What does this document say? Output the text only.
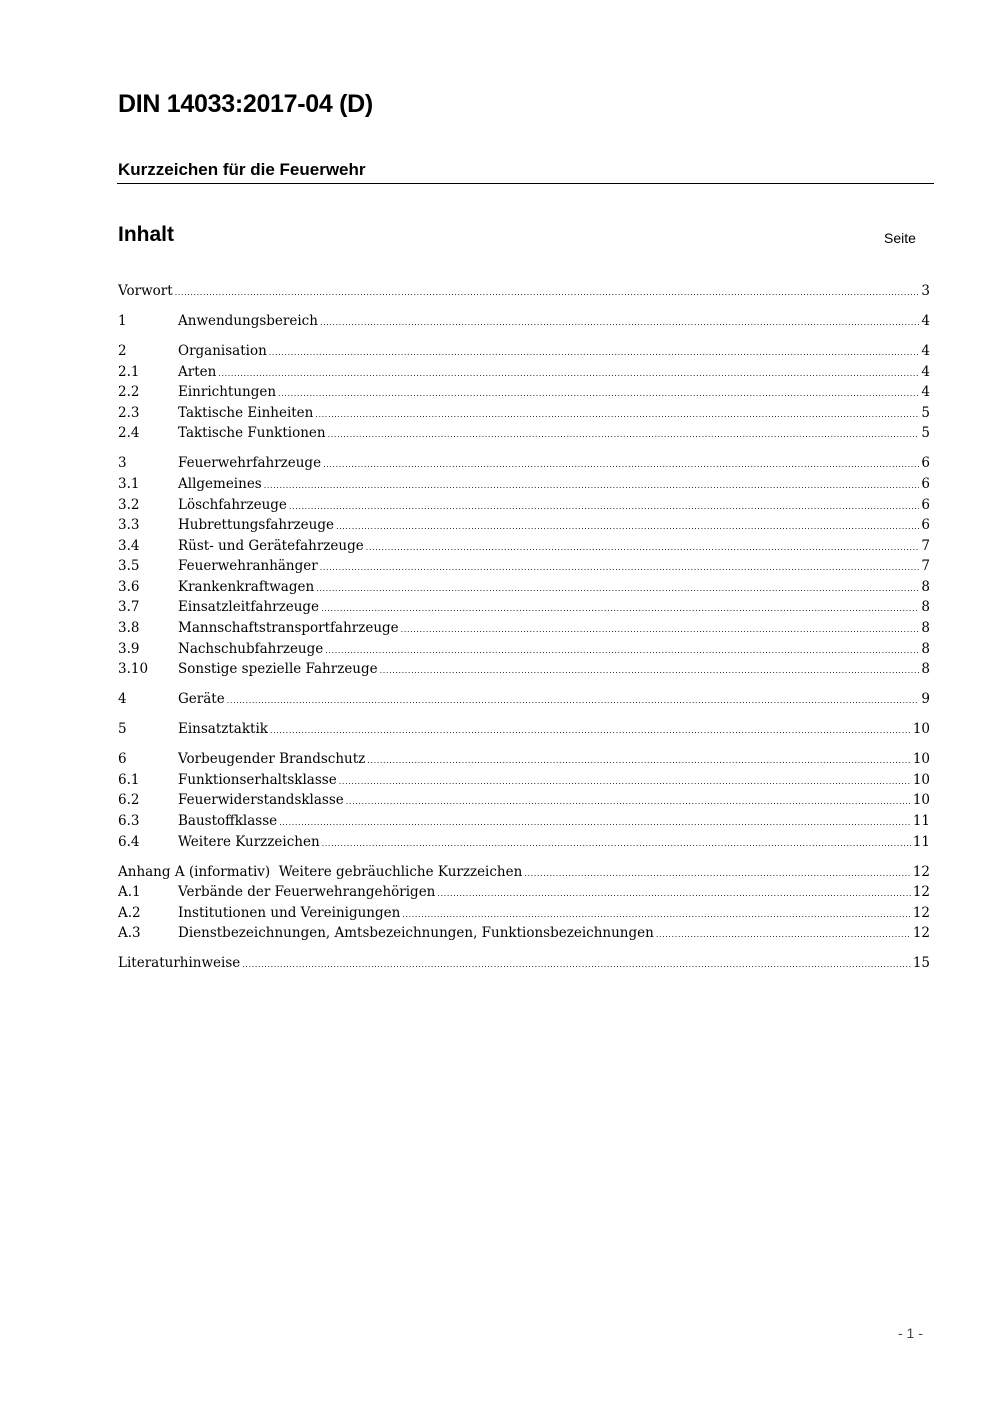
DIN 14033:2017-04 (D)
Kurzzeichen für die Feuerwehr
Inhalt	Seite
Vorwort .....	3
1	Anwendungsbereich .....	4
2	Organisation .....	4
2.1	Arten .....	4
2.2	Einrichtungen .....	4
2.3	Taktische Einheiten .....	5
2.4	Taktische Funktionen .....	5
3	Feuerwehrfahrzeuge .....	6
3.1	Allgemeines .....	6
3.2	Löschfahrzeuge .....	6
3.3	Hubrettungsfahrzeuge .....	6
3.4	Rüst- und Gerätefahrzeuge .....	7
3.5	Feuerwehranhänger .....	7
3.6	Krankenkraftwagen .....	8
3.7	Einsatzleitfahrzeuge .....	8
3.8	Mannschaftstransportfahrzeuge .....	8
3.9	Nachschubfahrzeuge .....	8
3.10	Sonstige spezielle Fahrzeuge .....	8
4	Geräte .....	9
5	Einsatztaktik .....	10
6	Vorbeugender Brandschutz .....	10
6.1	Funktionserhaltsklasse .....	10
6.2	Feuerwiderstandsklasse .....	10
6.3	Baustoffklasse .....	11
6.4	Weitere Kurzzeichen .....	11
Anhang A (informativ)  Weitere gebräuchliche Kurzzeichen .....	12
A.1	Verbände der Feuerwehrangehörigen .....	12
A.2	Institutionen und Vereinigungen .....	12
A.3	Dienstbezeichnungen, Amtsbezeichnungen, Funktionsbezeichnungen .....	12
Literaturhinweise .....	15
- 1 -
